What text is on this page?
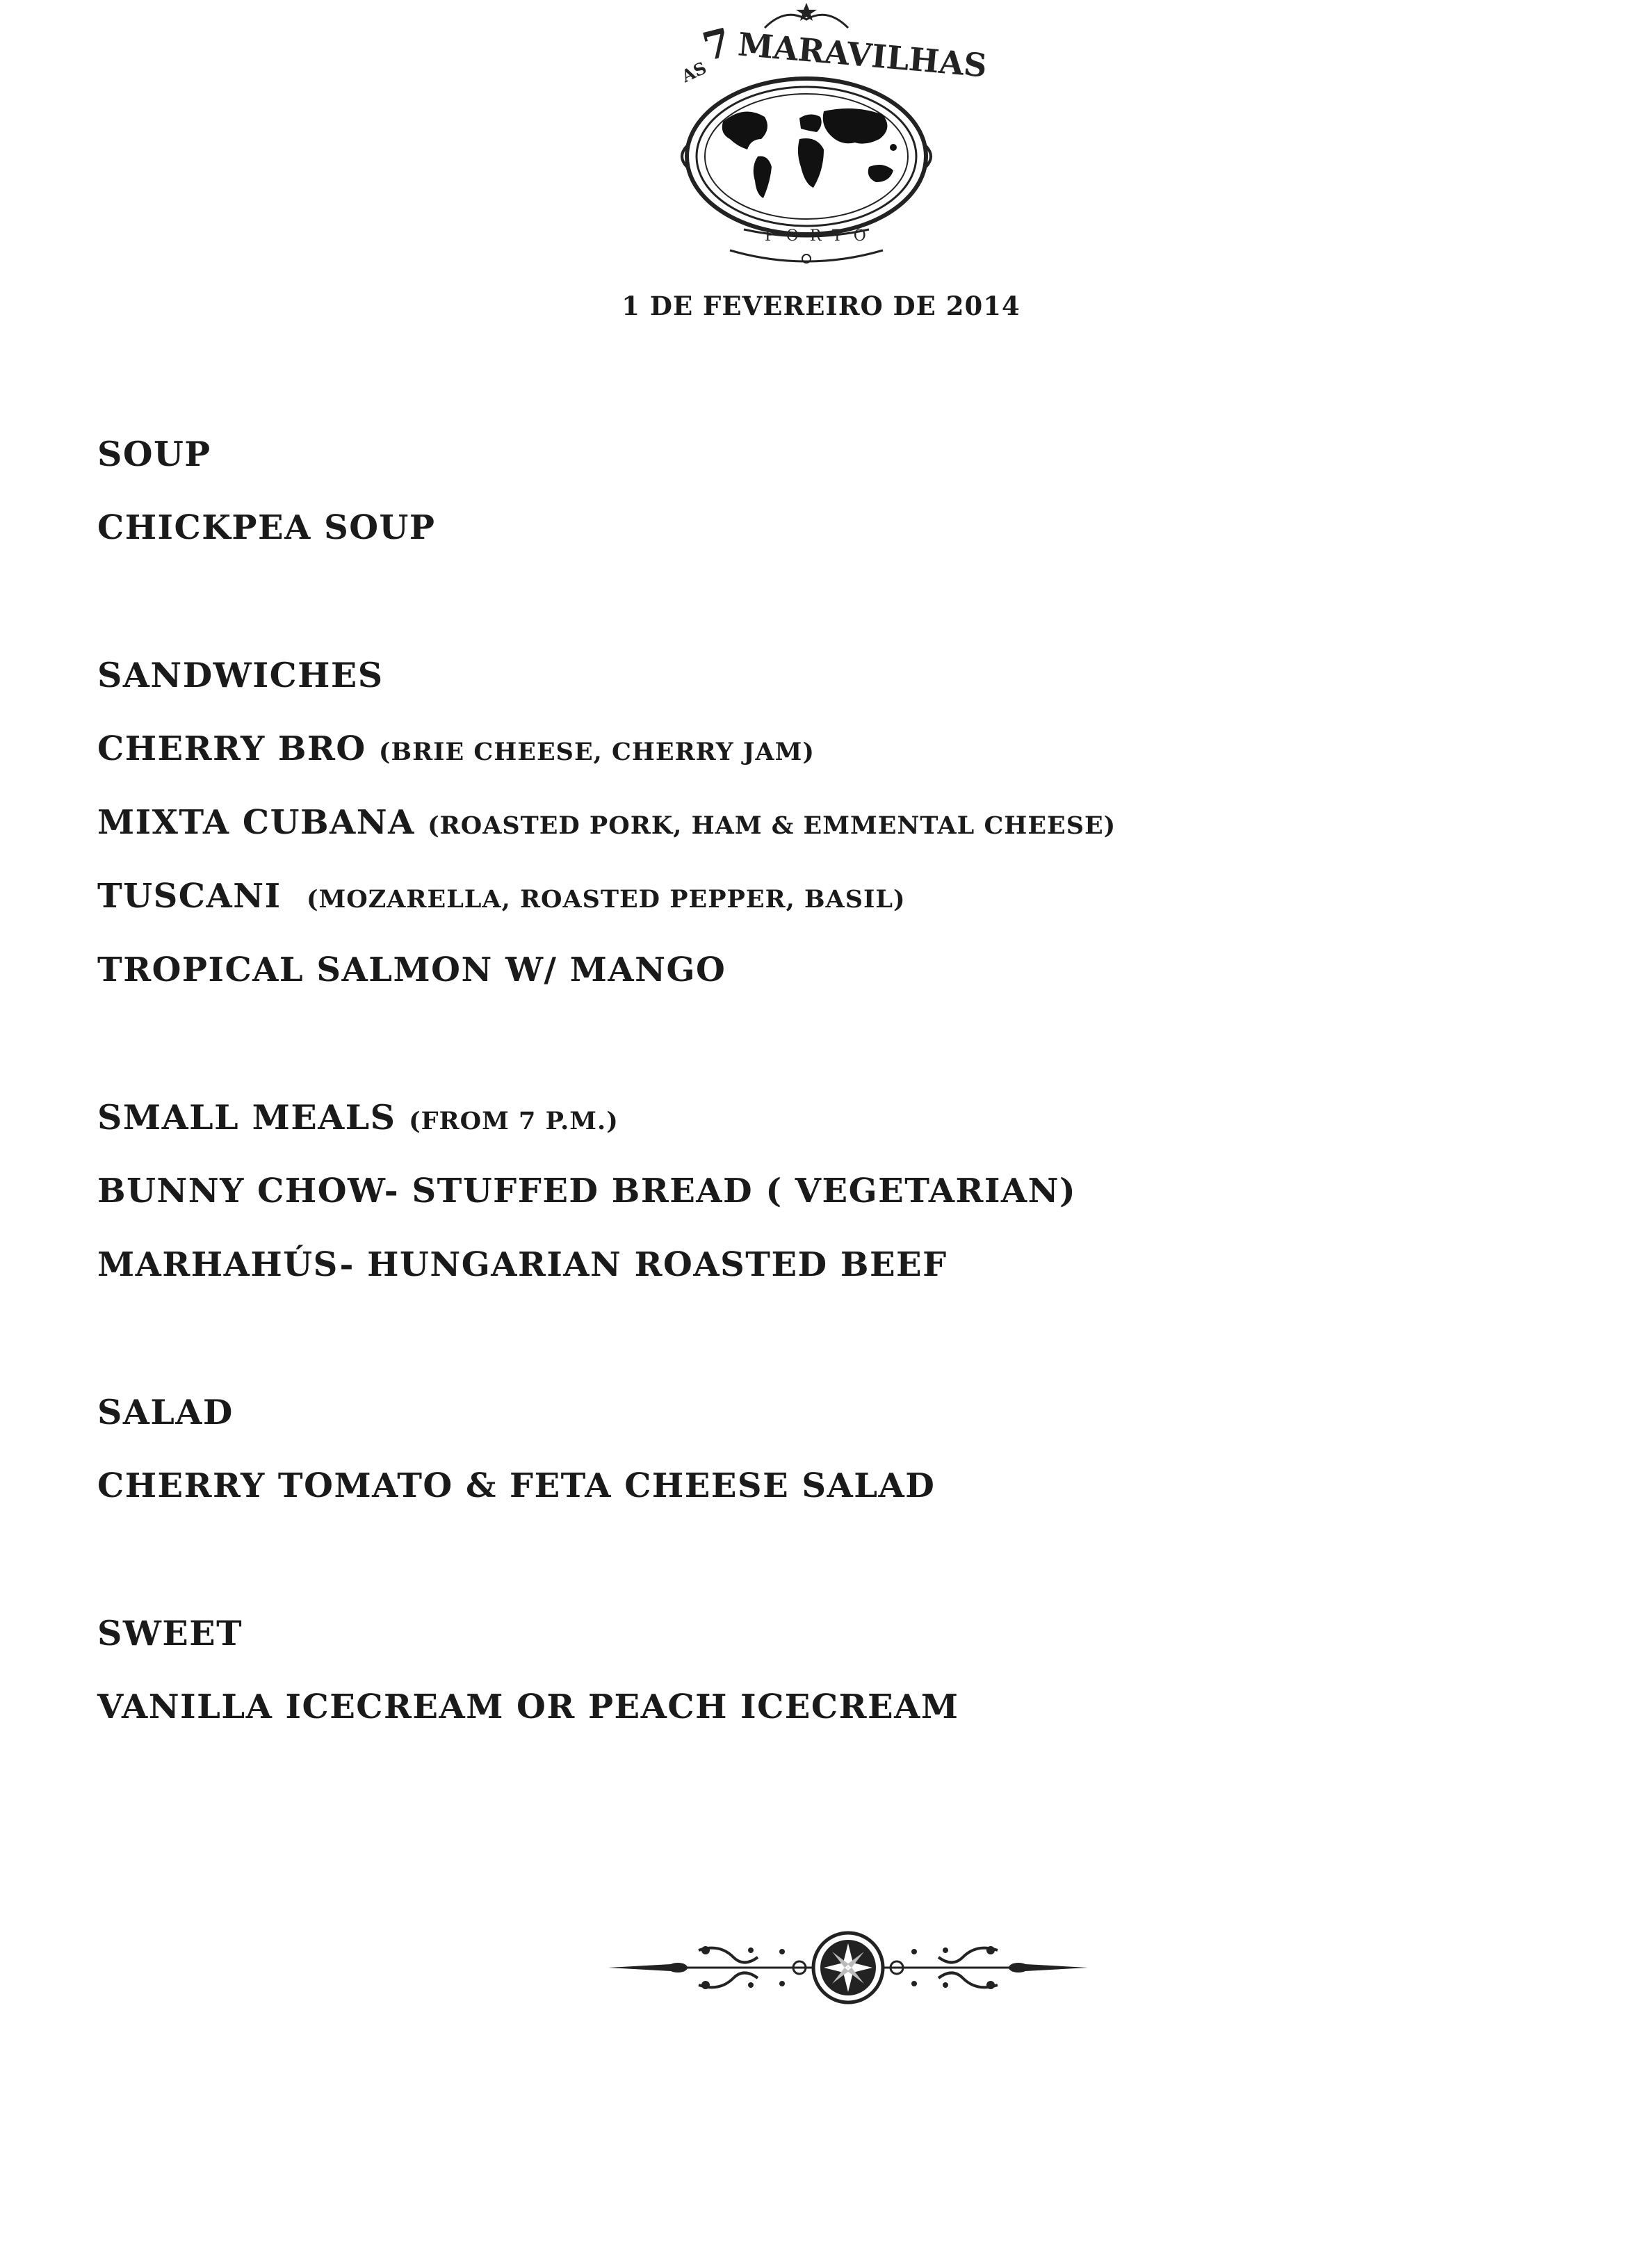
AS
7 MARAVILHAS
PORTO
1 DE FEVEREIRO DE 2014
SOUP
CHICKPEA SOUP
SANDWICHES
CHERRY BRO (BRIE CHEESE, CHERRY JAM)
MIXTA CUBANA (ROASTED PORK, HAM & EMMENTAL CHEESE)
TUSCANI (MOZARELLA, ROASTED PEPPER, BASIL)
TROPICAL SALMON W/ MANGO
SMALL MEALS (FROM 7 P.M.)
BUNNY CHOW- STUFFED BREAD ( VEGETARIAN)
MARHAHÚS- HUNGARIAN ROASTED BEEF
SALAD
CHERRY TOMATO & FETA CHEESE SALAD
SWEET
VANILLA ICECREAM OR PEACH ICECREAM
